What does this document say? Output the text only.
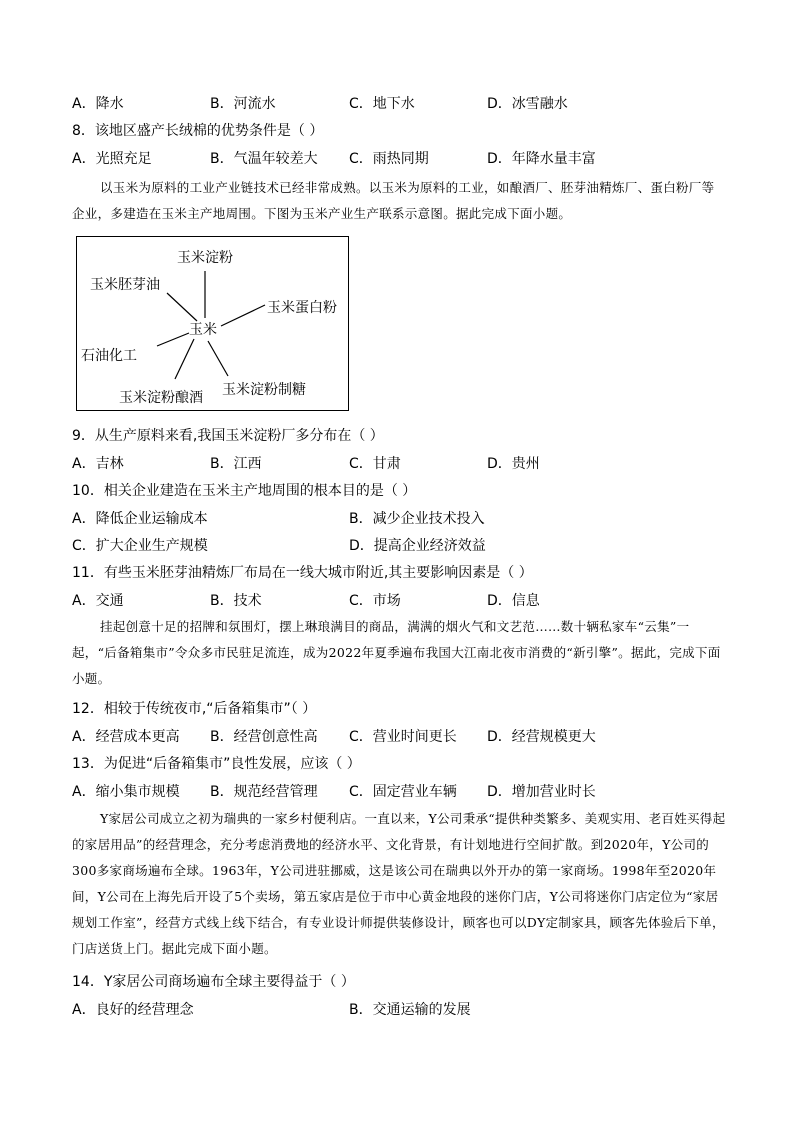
A．降水	B．河流水	C．地下水	D．冰雪融水
8．该地区盛产长绒棉的优势条件是（ ）
A．光照充足	B．气温年较差大 C．雨热同期	D．年降水量丰富
以玉米为原料的工业产业链技术已经非常成熟。以玉米为原料的工业，如酿酒厂、胚芽油精炼厂、蛋白粉厂等企业，多建造在玉米主产地周围。下图为玉米产业生产联系示意图。据此完成下面小题。
玉米
玉米淀粉
玉米胚芽油
玉米蛋白粉
石油化工
玉米淀粉酿酒 玉米淀粉制糖
9．从生产原料来看,我国玉米淀粉厂多分布在（ ）
A．吉林	B．江西	C．甘肃	D．贵州
10．相关企业建造在玉米主产地周围的根本目的是（ ）
A．降低企业运输成本	B．减少企业技术投入
C．扩大企业生产规模	D．提高企业经济效益
11．有些玉米胚芽油精炼厂布局在一线大城市附近,其主要影响因素是（ ）
A．交通	B．技术	C．市场	D．信息
挂起创意十足的招牌和氛围灯，摆上琳琅满目的商品，满满的烟火气和文艺范……数十辆私家车“云集”一起，“后备箱集市”令众多市民驻足流连，成为2022年夏季遍布我国大江南北夜市消费的“新引擎”。据此，完成下面小题。
12．相较于传统夜市,“后备箱集市”（ ）
A．经营成本更高 B．经营创意性高 C．营业时间更长 D．经营规模更大
13．为促进“后备箱集市”良性发展，应该（ ）
A．缩小集市规模 B．规范经营管理 C．固定营业车辆 D．增加营业时长
Y家居公司成立之初为瑞典的一家乡村便利店。一直以来，Y公司秉承“提供种类繁多、美观实用、老百姓买得起的家居用品”的经营理念，充分考虑消费地的经济水平、文化背景，有计划地进行空间扩散。到2020年，Y公司的300多家商场遍布全球。1963年，Y公司进驻挪威，这是该公司在瑞典以外开办的第一家商场。1998年至2020年间，Y公司在上海先后开设了5个卖场，第五家店是位于市中心黄金地段的迷你门店，Y公司将迷你门店定位为“家居规划工作室”，经营方式线上线下结合，有专业设计师提供装修设计，顾客也可以DY定制家具，顾客先体验后下单，门店送货上门。据此完成下面小题。
14．Y家居公司商场遍布全球主要得益于（ ）
A．良好的经营理念	B．交通运输的发展
